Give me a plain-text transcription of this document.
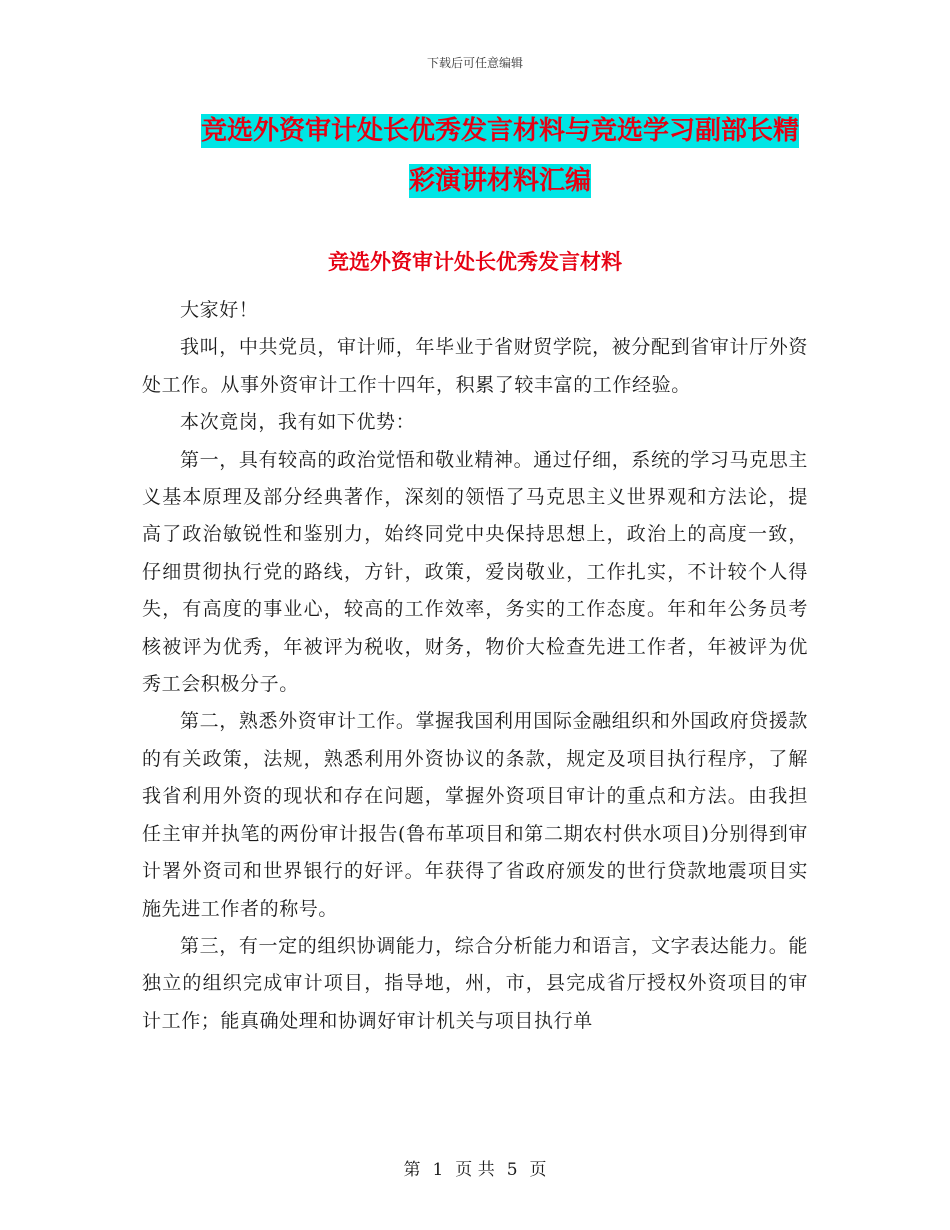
下载后可任意编辑
竞选外资审计处长优秀发言材料与竞选学习副部长精
彩演讲材料汇编
竞选外资审计处长优秀发言材料

大家好！

我叫，中共党员，审计师，年毕业于省财贸学院，被分配到省审计厅外资处工作。从事外资审计工作十四年，积累了较丰富的工作经验。

本次竟岗，我有如下优势：

第一，具有较高的政治觉悟和敬业精神。通过仔细，系统的学习马克思主义基本原理及部分经典著作，深刻的领悟了马克思主义世界观和方法论，提高了政治敏锐性和鉴别力，始终同党中央保持思想上，政治上的高度一致，仔细贯彻执行党的路线，方针，政策，爱岗敬业，工作扎实，不计较个人得失，有高度的事业心，较高的工作效率，务实的工作态度。年和年公务员考核被评为优秀，年被评为税收，财务，物价大检查先进工作者，年被评为优秀工会积极分子。

第二，熟悉外资审计工作。掌握我国利用国际金融组织和外国政府贷援款的有关政策，法规，熟悉利用外资协议的条款，规定及项目执行程序，了解我省利用外资的现状和存在问题，掌握外资项目审计的重点和方法。由我担任主审并执笔的两份审计报告(鲁布革项目和第二期农村供水项目)分别得到审计署外资司和世界银行的好评。年获得了省政府颁发的世行贷款地震项目实施先进工作者的称号。

第三，有一定的组织协调能力，综合分析能力和语言，文字表达能力。能独立的组织完成审计项目，指导地，州，市，县完成省厅授权外资项目的审计工作；能真确处理和协调好审计机关与项目执行单

第 1 页 共 5 页
